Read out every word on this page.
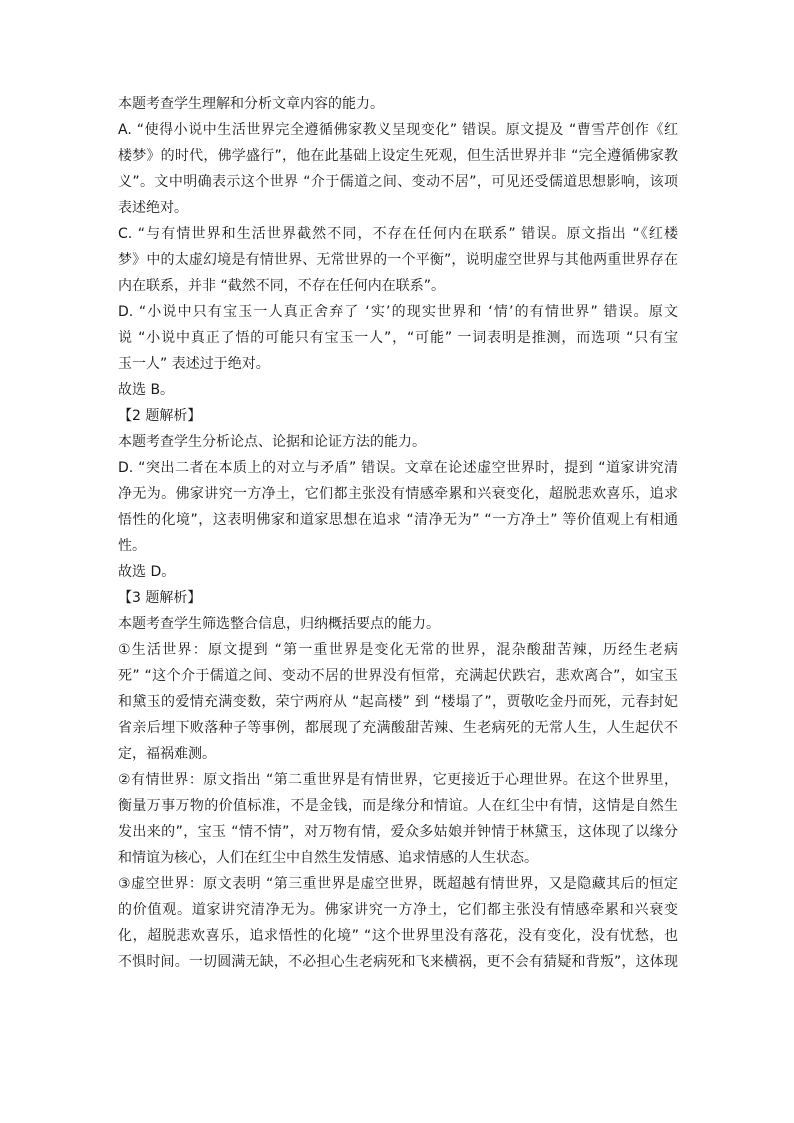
本题考查学生理解和分析文章内容的能力。
A. “使得小说中生活世界完全遵循佛家教义呈现变化” 错误。原文提及 “曹雪芹创作《红
楼梦》的时代，佛学盛行”，他在此基础上设定生死观，但生活世界并非 “完全遵循佛家教
义”。文中明确表示这个世界 “介于儒道之间、变动不居”，可见还受儒道思想影响，该项
表述绝对。
C. “与有情世界和生活世界截然不同，不存在任何内在联系” 错误。原文指出 “《红楼
梦》中的太虚幻境是有情世界、无常世界的一个平衡”，说明虚空世界与其他两重世界存在
内在联系，并非 “截然不同，不存在任何内在联系”。
D. “小说中只有宝玉一人真正舍弃了 ‘实’的现实世界和 ‘情’的有情世界” 错误。原文
说 “小说中真正了悟的可能只有宝玉一人”，“可能” 一词表明是推测，而选项 “只有宝
玉一人” 表述过于绝对。
故选 B。
【2 题解析】
本题考查学生分析论点、论据和论证方法的能力。
D. “突出二者在本质上的对立与矛盾” 错误。文章在论述虚空世界时，提到 “道家讲究清
净无为。佛家讲究一方净土，它们都主张没有情感牵累和兴衰变化，超脱悲欢喜乐，追求
悟性的化境”，这表明佛家和道家思想在追求 “清净无为” “一方净土” 等价值观上有相通
性。
故选 D。
【3 题解析】
本题考查学生筛选整合信息，归纳概括要点的能力。
①生活世界：原文提到 “第一重世界是变化无常的世界，混杂酸甜苦辣，历经生老病
死” “这个介于儒道之间、变动不居的世界没有恒常，充满起伏跌宕，悲欢离合”，如宝玉
和黛玉的爱情充满变数，荣宁两府从 “起高楼” 到 “楼塌了”，贾敬吃金丹而死，元春封妃
省亲后埋下败落种子等事例，都展现了充满酸甜苦辣、生老病死的无常人生，人生起伏不
定，福祸难测。
②有情世界：原文指出 “第二重世界是有情世界，它更接近于心理世界。在这个世界里，
衡量万事万物的价值标准，不是金钱，而是缘分和情谊。人在红尘中有情，这情是自然生
发出来的”，宝玉 “情不情”，对万物有情，爱众多姑娘并钟情于林黛玉，这体现了以缘分
和情谊为核心，人们在红尘中自然生发情感、追求情感的人生状态。
③虚空世界：原文表明 “第三重世界是虚空世界，既超越有情世界，又是隐藏其后的恒定
的价值观。道家讲究清净无为。佛家讲究一方净土，它们都主张没有情感牵累和兴衰变
化，超脱悲欢喜乐，追求悟性的化境” “这个世界里没有落花，没有变化，没有忧愁，也
不惧时间。一切圆满无缺，不必担心生老病死和飞来横祸，更不会有猜疑和背叛”，这体现
